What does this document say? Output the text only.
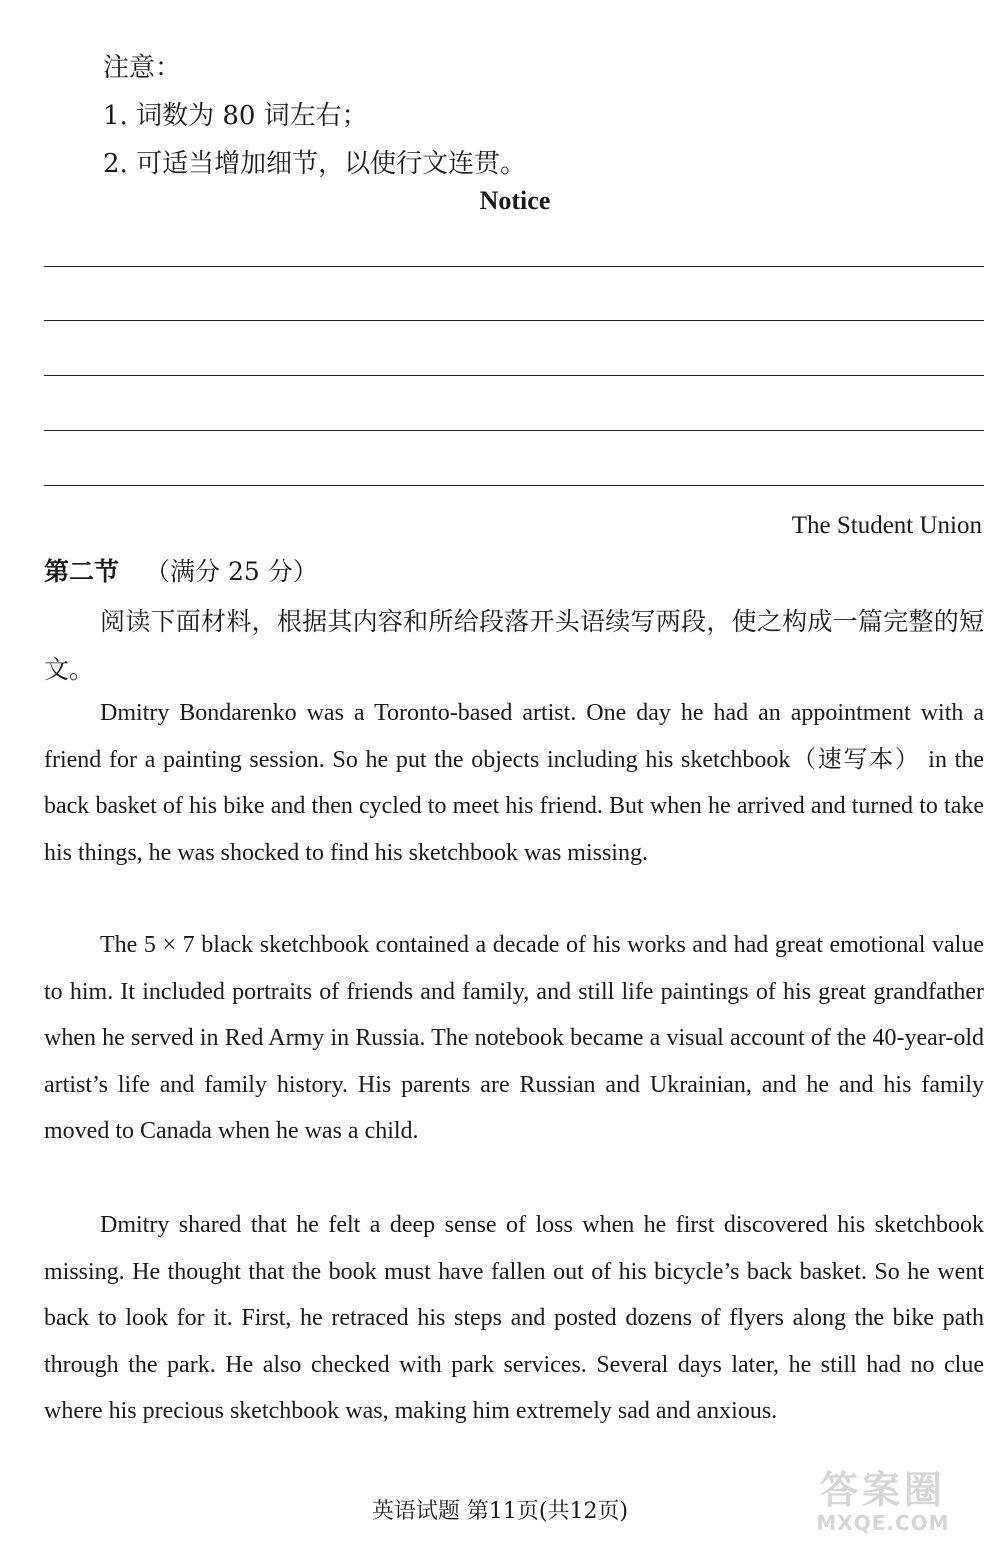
注意：
1. 词数为 80 词左右；
2. 可适当增加细节，以使行文连贯。
Notice
The Student Union
第二节 （满分 25 分）
阅读下面材料，根据其内容和所给段落开头语续写两段，使之构成一篇完整的短文。

Dmitry Bondarenko was a Toronto-based artist. One day he had an appointment with a friend for a painting session. So he put the objects including his sketchbook（速写本） in the back basket of his bike and then cycled to meet his friend. But when he arrived and turned to take his things, he was shocked to find his sketchbook was missing.

The 5 × 7 black sketchbook contained a decade of his works and had great emotional value to him. It included portraits of friends and family, and still life paintings of his great grandfather when he served in Red Army in Russia. The notebook became a visual account of the 40-year-old artist’s life and family history. His parents are Russian and Ukrainian, and he and his family moved to Canada when he was a child.

Dmitry shared that he felt a deep sense of loss when he first discovered his sketchbook missing. He thought that the book must have fallen out of his bicycle’s back basket. So he went back to look for it. First, he retraced his steps and posted dozens of flyers along the bike path through the park. He also checked with park services. Several days later, he still had no clue where his precious sketchbook was, making him extremely sad and anxious.

英语试题 第11页(共12页)	答案圈
MXQE.COM
